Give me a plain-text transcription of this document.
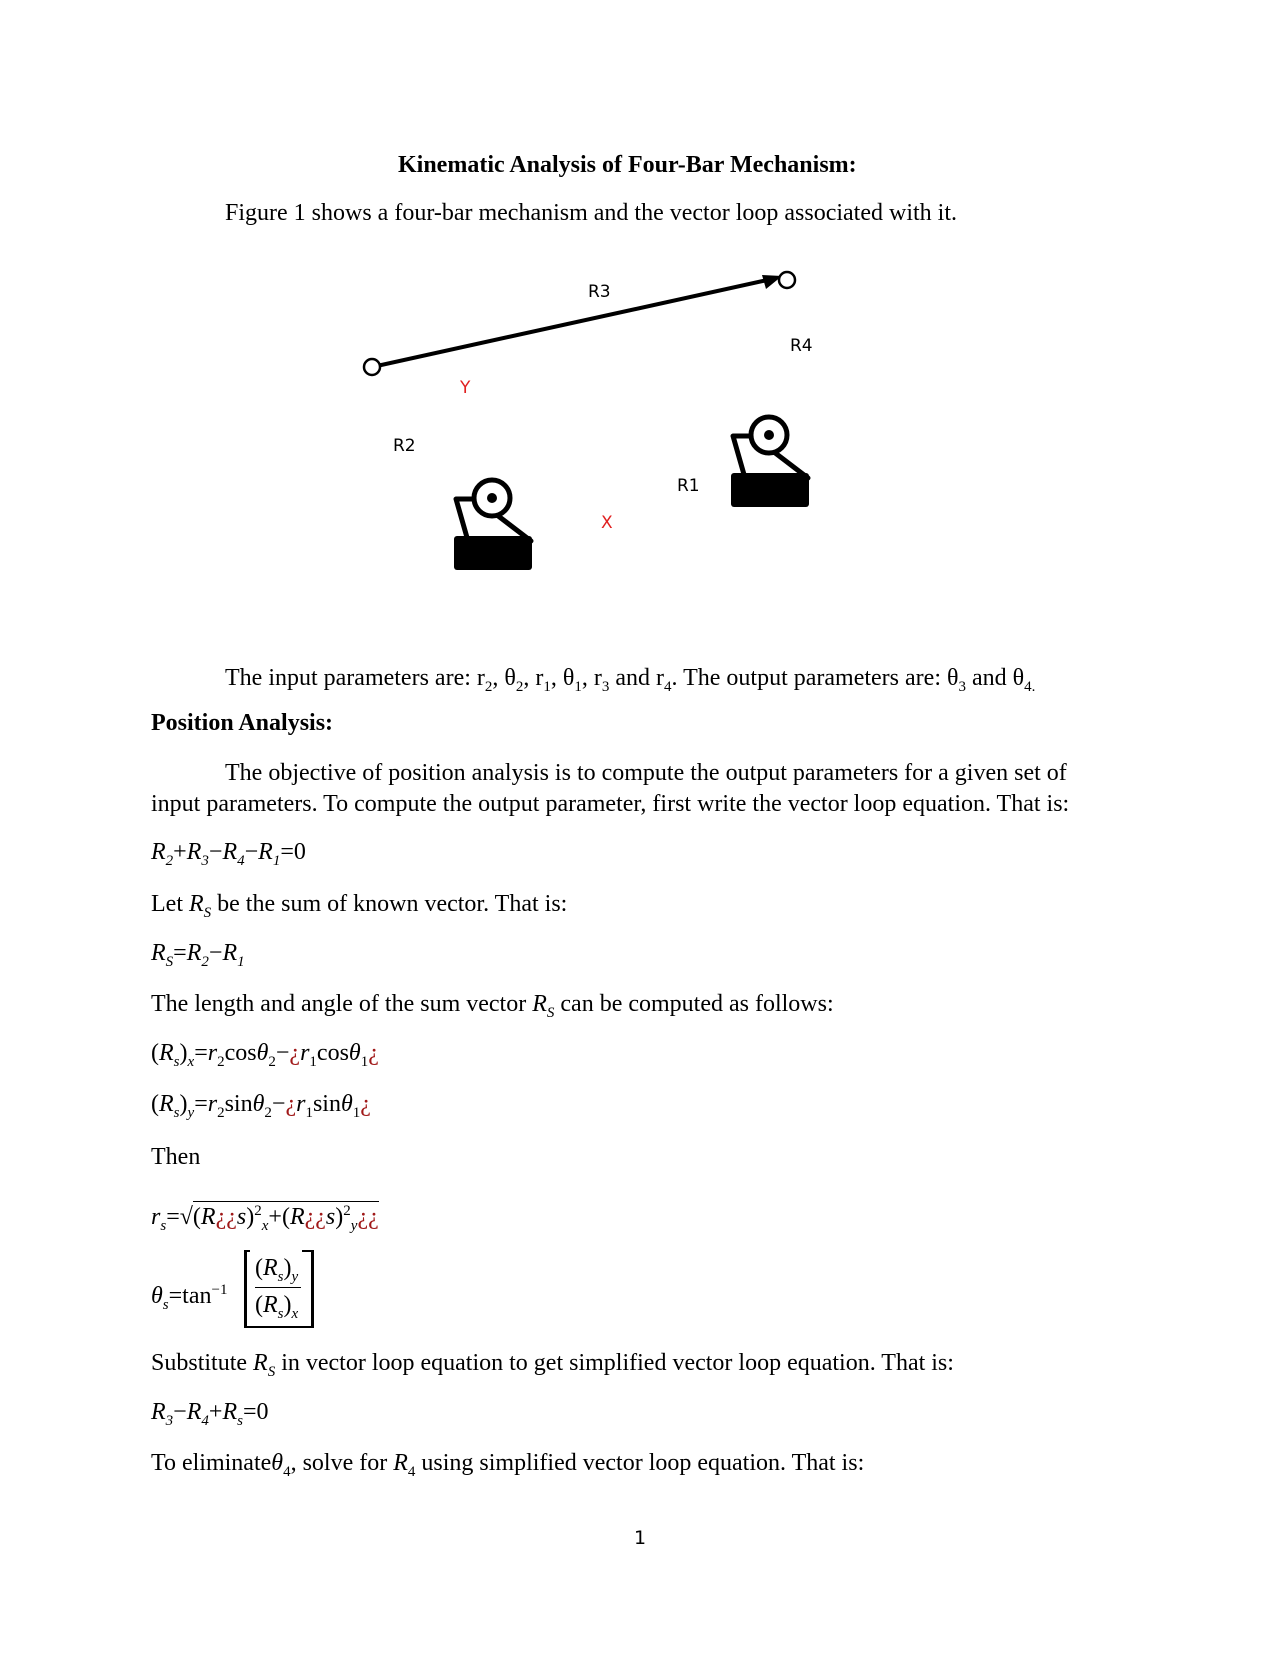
Kinematic Analysis of Four-Bar Mechanism:
Figure 1 shows a four-bar mechanism and the vector loop associated with it.
R3
R4
Y
R2
R1
X
The input parameters are: $r_2$, $\theta_2$, $r_1$, $\theta_1$, $r_3$ and $r_4$. The output parameters are: $\theta_3$ and $\theta_{4.}$
Position Analysis:
The objective of position analysis is to compute the output parameters for a given set of
input parameters. To compute the output parameter, first write the vector loop equation. That is:
$R_2+R_3-R_4-R_1=0$
Let $R_S$ be the sum of known vector. That is:
$R_S=R_2-R_1$
The length and angle of the sum vector $R_S$ can be computed as follows:
$(R_s)_x=r_2\cos\theta_2-¿r_1\cos\theta_1¿$
$(R_s)_y=r_2\sin\theta_2-¿r_1\sin\theta_1¿$
Then
$r_s=√(R¿¿s)^2_x+(R¿¿s)^2_y¿¿$
$\theta_s=\tan^{-1}$
$(R_s)_y$
$(R_s)_x$
Substitute $R_S$ in vector loop equation to get simplified vector loop equation. That is:
$R_3-R_4+R_s=0$
To eliminateθ$_4$, solve for $R_4$ using simplified vector loop equation. That is:
1
